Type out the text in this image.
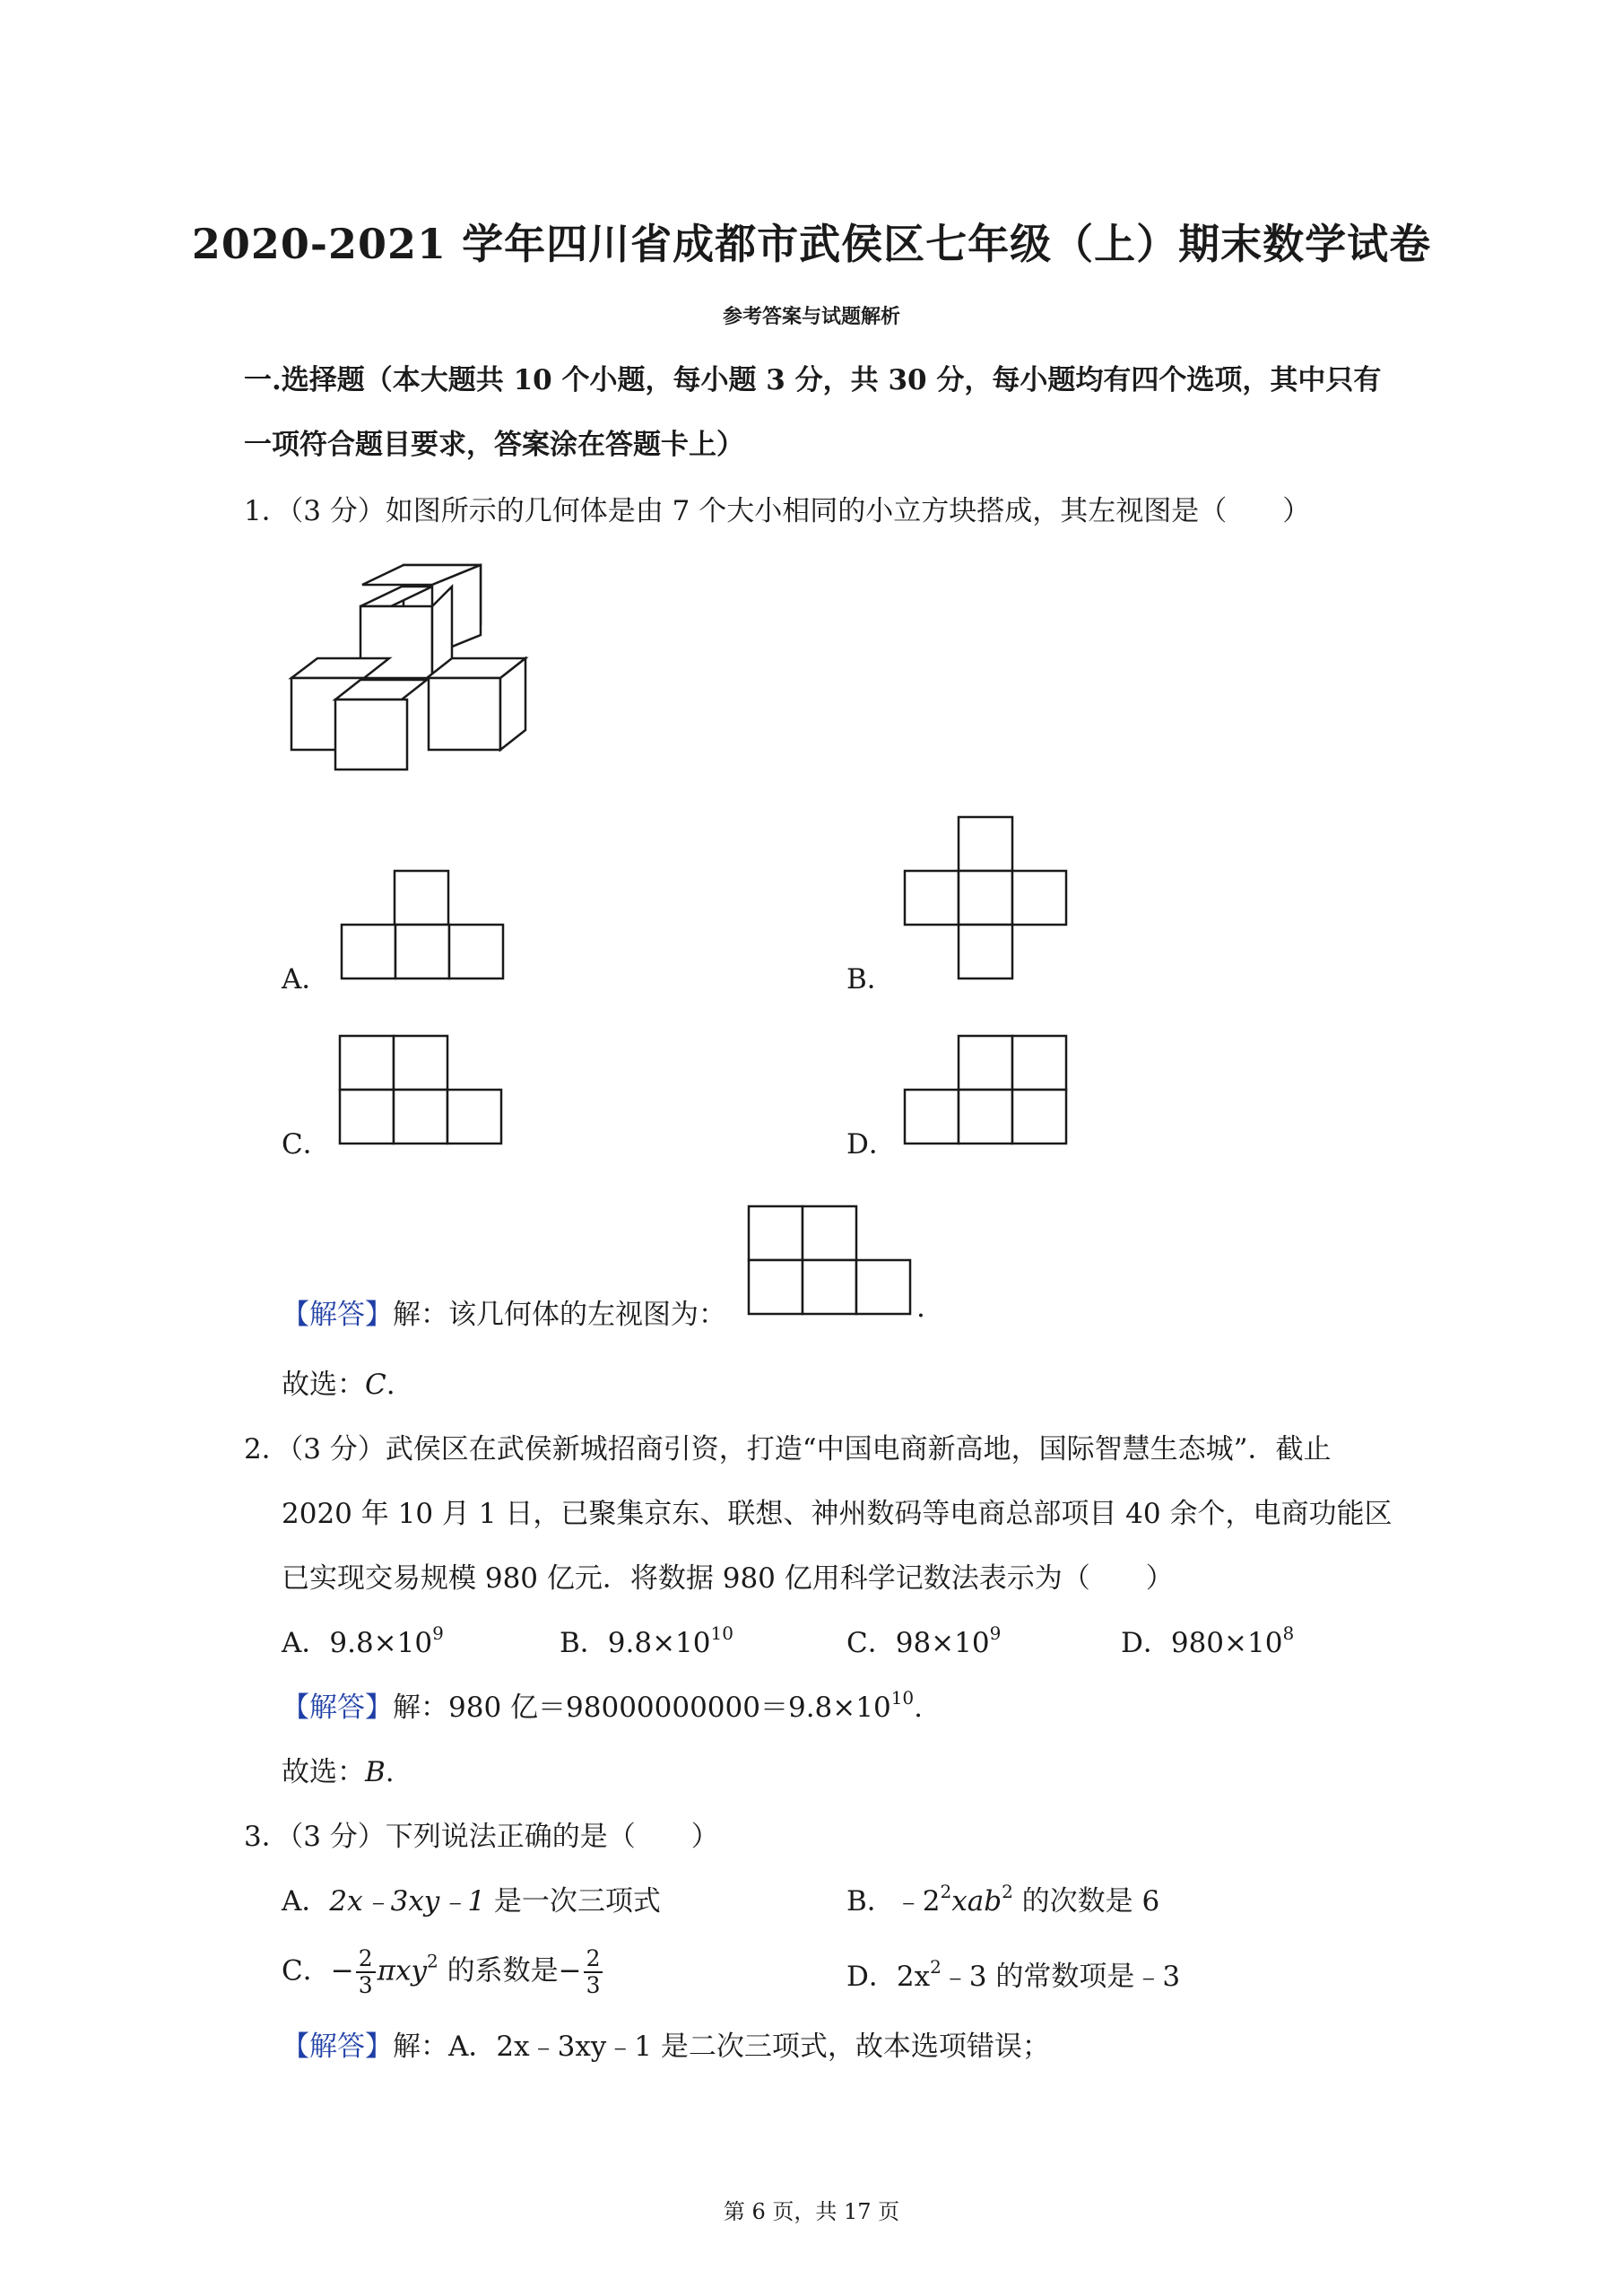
2020-2021 学年四川省成都市武侯区七年级（上）期末数学试卷
参考答案与试题解析
一.选择题（本大题共 10 个小题，每小题 3 分，共 30 分，每小题均有四个选项，其中只有
一项符合题目要求，答案涂在答题卡上）
1．（3 分）如图所示的几何体是由 7 个大小相同的小立方块搭成，其左视图是（　　）
A．	B．
C．	D．
【解答】解：该几何体的左视图为：	.
故选：C.
2．（3 分）武侯区在武侯新城招商引资，打造“中国电商新高地，国际智慧生态城”．截止
2020 年 10 月 1 日，已聚集京东、联想、神州数码等电商总部项目 40 余个，电商功能区
已实现交易规模 980 亿元．将数据 980 亿用科学记数法表示为（　　）
A．$9.8\times 10^9$	B．$9.8\times 10^{10}$	C．$98\times 10^9$	D．$980\times 10^8$
【解答】解：980 亿$=98000000000=9.8\times 10^{10}$.
故选：B.
3．（3 分）下列说法正确的是（　　）
A．2x﹣3xy﹣1 是一次三项式	B．$﹣2^2xab^2$ 的次数是 6
C．− $\frac{2}{3} \pi xy^2$ 的系数是− $\frac{2}{3}$	D．$2x^2﹣3$ 的常数项是﹣3
【解答】解：A．2x﹣3xy﹣1 是二次三项式，故本选项错误；
第 6 页，共 17 页
